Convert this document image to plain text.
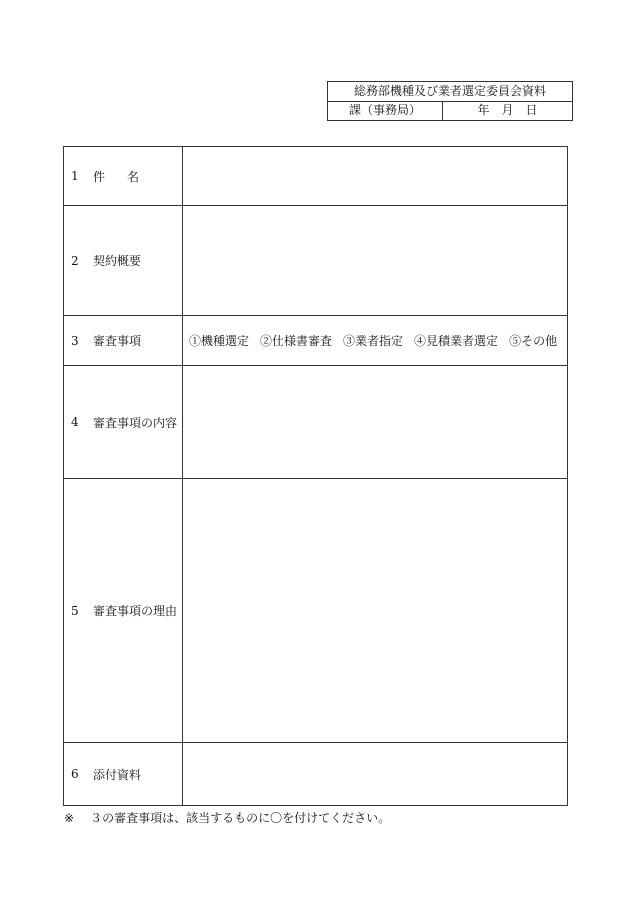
総務部機種及び業者選定委員会資料
課（事務局）	年　月　日
1	件名
2	契約概要
3	審査事項	①機種選定 ②仕様書審査 ③業者指定 ④見積業者選定 ⑤その他
4	審査事項の内容
5	審査事項の理由
6	添付資料
※ ３の審査事項は、該当するものに〇を付けてください。
